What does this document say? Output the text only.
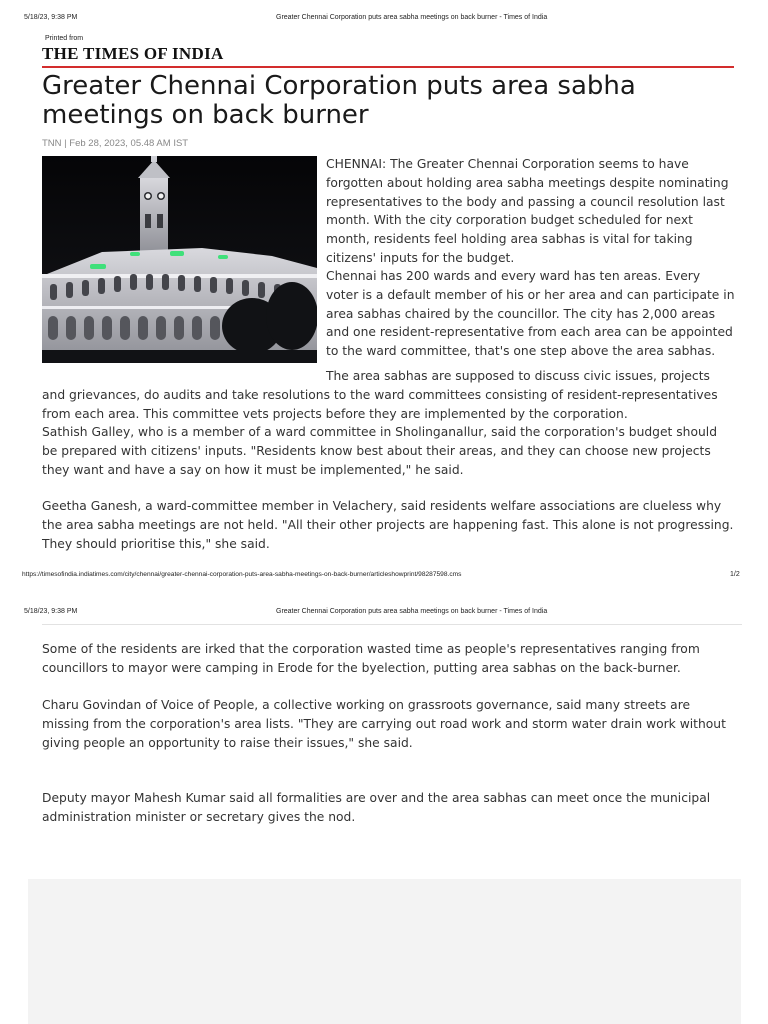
5/18/23, 9:38 PM	Greater Chennai Corporation puts area sabha meetings on back burner - Times of India
Printed from
THE TIMES OF INDIA
Greater Chennai Corporation puts area sabha meetings on back burner
TNN | Feb 28, 2023, 05.48 AM IST

CHENNAI: The Greater Chennai Corporation seems to have forgotten about holding area sabha meetings despite nominating representatives to the body and passing a council resolution last month. With the city corporation budget scheduled for next month, residents feel holding area sabhas is vital for taking citizens' inputs for the budget.

Chennai has 200 wards and every ward has ten areas. Every voter is a default member of his or her area and can participate in area sabhas chaired by the councillor. The city has 2,000 areas and one resident-representative from each area can be appointed to the ward committee, that's one step above the area sabhas.

The area sabhas are supposed to discuss civic issues, projects and grievances, do audits and take resolutions to the ward committees consisting of resident-representatives from each area. This committee vets projects before they are implemented by the corporation.

Sathish Galley, who is a member of a ward committee in Sholinganallur, said the corporation's budget should be prepared with citizens' inputs. "Residents know best about their areas, and they can choose new projects they want and have a say on how it must be implemented," he said.

Geetha Ganesh, a ward-committee member in Velachery, said residents welfare associations are clueless why the area sabha meetings are not held. "All their other projects are happening fast. This alone is not progressing. They should prioritise this," she said.

https://timesofindia.indiatimes.com/city/chennai/greater-chennai-corporation-puts-area-sabha-meetings-on-back-burner/articleshowprint/98287598.cms	1/2
5/18/23, 9:38 PM	Greater Chennai Corporation puts area sabha meetings on back burner - Times of India

Some of the residents are irked that the corporation wasted time as people's representatives ranging from councillors to mayor were camping in Erode for the byelection, putting area sabhas on the back-burner.

Charu Govindan of Voice of People, a collective working on grassroots governance, said many streets are missing from the corporation's area lists. "They are carrying out road work and storm water drain work without giving people an opportunity to raise their issues," she said.

Deputy mayor Mahesh Kumar said all formalities are over and the area sabhas can meet once the municipal administration minister or secretary gives the nod.
